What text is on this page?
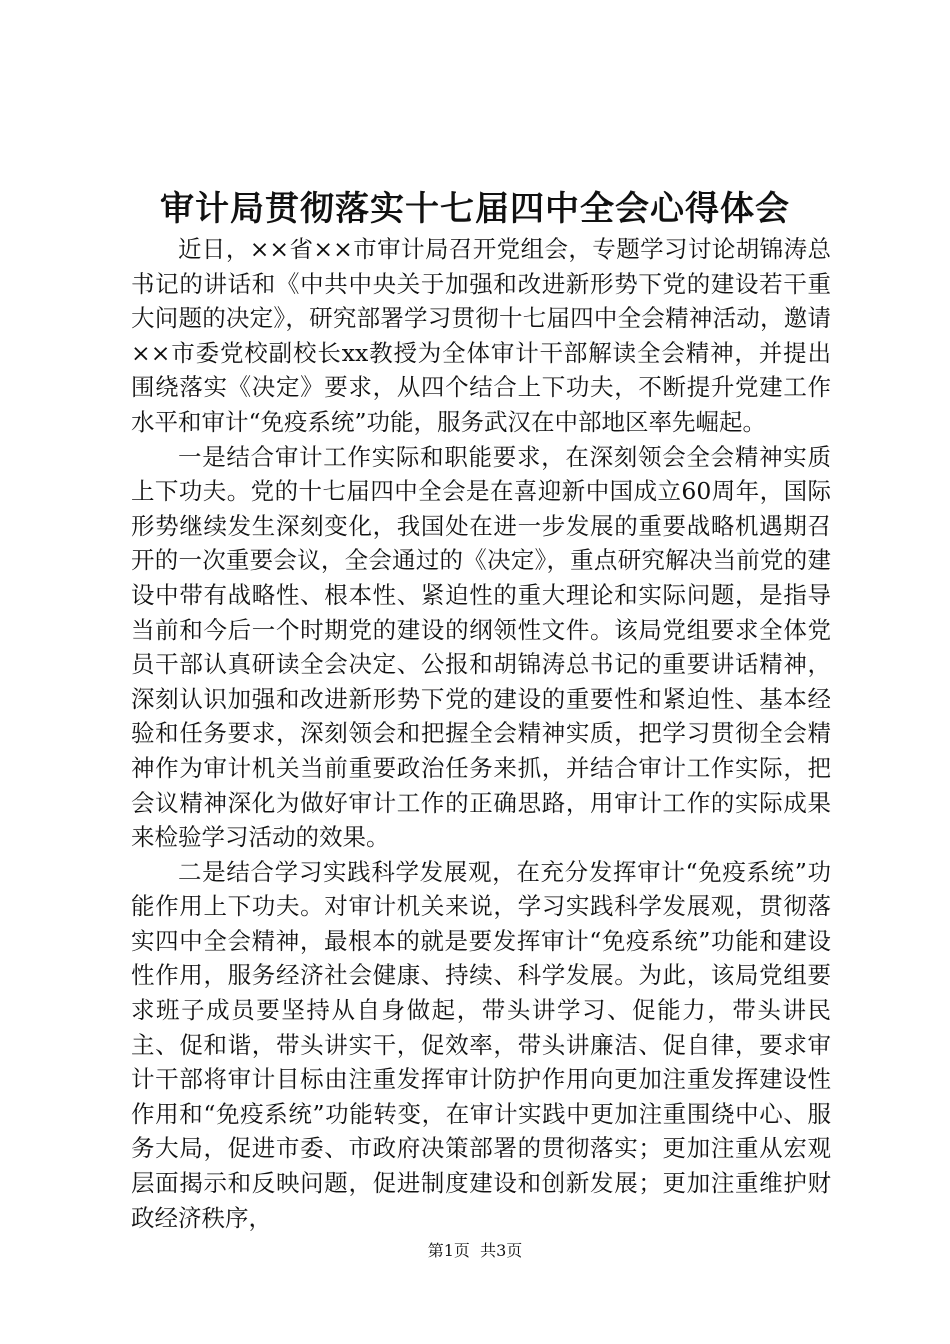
审计局贯彻落实十七届四中全会心得体会

近日，××省××市审计局召开党组会，专题学习讨论胡锦涛总书记的讲话和《中共中央关于加强和改进新形势下党的建设若干重大问题的决定》，研究部署学习贯彻十七届四中全会精神活动，邀请××市委党校副校长xx教授为全体审计干部解读全会精神，并提出围绕落实《决定》要求，从四个结合上下功夫，不断提升党建工作水平和审计“免疫系统”功能，服务武汉在中部地区率先崛起。

一是结合审计工作实际和职能要求，在深刻领会全会精神实质上下功夫。党的十七届四中全会是在喜迎新中国成立60周年，国际形势继续发生深刻变化，我国处在进一步发展的重要战略机遇期召开的一次重要会议，全会通过的《决定》，重点研究解决当前党的建设中带有战略性、根本性、紧迫性的重大理论和实际问题，是指导当前和今后一个时期党的建设的纲领性文件。该局党组要求全体党员干部认真研读全会决定、公报和胡锦涛总书记的重要讲话精神，深刻认识加强和改进新形势下党的建设的重要性和紧迫性、基本经验和任务要求，深刻领会和把握全会精神实质，把学习贯彻全会精神作为审计机关当前重要政治任务来抓，并结合审计工作实际，把会议精神深化为做好审计工作的正确思路，用审计工作的实际成果来检验学习活动的效果。

二是结合学习实践科学发展观，在充分发挥审计“免疫系统”功能作用上下功夫。对审计机关来说，学习实践科学发展观，贯彻落实四中全会精神，最根本的就是要发挥审计“免疫系统”功能和建设性作用，服务经济社会健康、持续、科学发展。为此，该局党组要求班子成员要坚持从自身做起，带头讲学习、促能力，带头讲民主、促和谐，带头讲实干，促效率，带头讲廉洁、促自律，要求审计干部将审计目标由注重发挥审计防护作用向更加注重发挥建设性作用和“免疫系统”功能转变，在审计实践中更加注重围绕中心、服务大局，促进市委、市政府决策部署的贯彻落实；更加注重从宏观层面揭示和反映问题，促进制度建设和创新发展；更加注重维护财政经济秩序，

第1页  共3页
